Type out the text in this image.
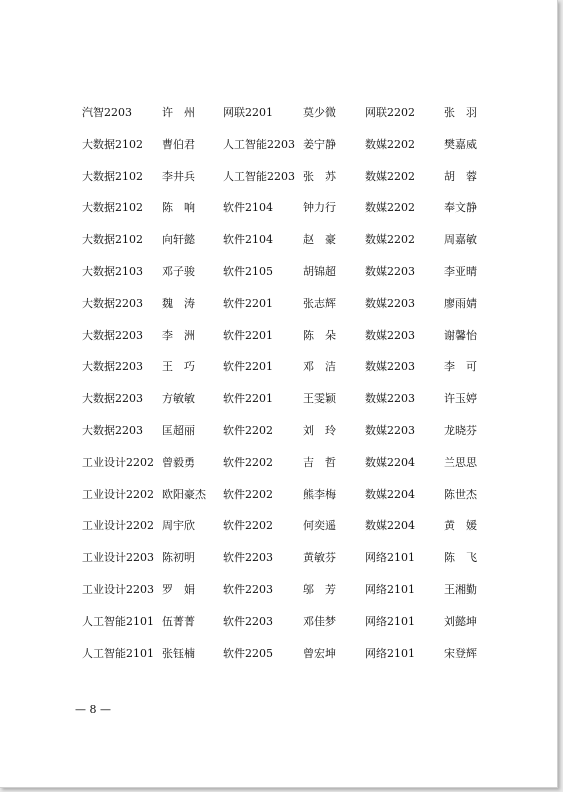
汽智2203	许　州	网联2201	莫少微	网联2202	张　羽
大数据2102 曹伯君	人工智能2203 姜宁静	数媒2202	樊嘉威
大数据2102 李井兵	人工智能2203 张　苏	数媒2202	胡　蓉
大数据2102 陈　响	软件2104	钟力行	数媒2202	奉文静
大数据2102 向轩懿	软件2104	赵　豪	数媒2202	周嘉敏
大数据2103 邓子骏	软件2105	胡锦超	数媒2203	李亚晴
大数据2203 魏　涛	软件2201	张志辉	数媒2203	廖雨婧
大数据2203 李　洲	软件2201	陈　朵	数媒2203	谢馨怡
大数据2203 王　巧	软件2201	邓　洁	数媒2203	李　可
大数据2203 方敏敏	软件2201	王雯颖	数媒2203	许玉婷
大数据2203 匡超丽	软件2202	刘　玲	数媒2203	龙晓芬
工业设计2202 曾毅勇	软件2202	吉　哲	数媒2204	兰思思
工业设计2202 欧阳豪杰 软件2202	熊李梅	数媒2204	陈世杰
工业设计2202 周宇欣	软件2202	何奕遥	数媒2204	黄　媛
工业设计2203 陈初明	软件2203	黄敏芬	网络2101	陈　飞
工业设计2203 罗　娟	软件2203	邬　芳	网络2101	王湘勤
人工智能2101 伍菁菁	软件2203	邓佳梦	网络2101	刘懿坤
人工智能2101 张钰楠	软件2205	曾宏坤	网络2101	宋登辉
— 8 —
